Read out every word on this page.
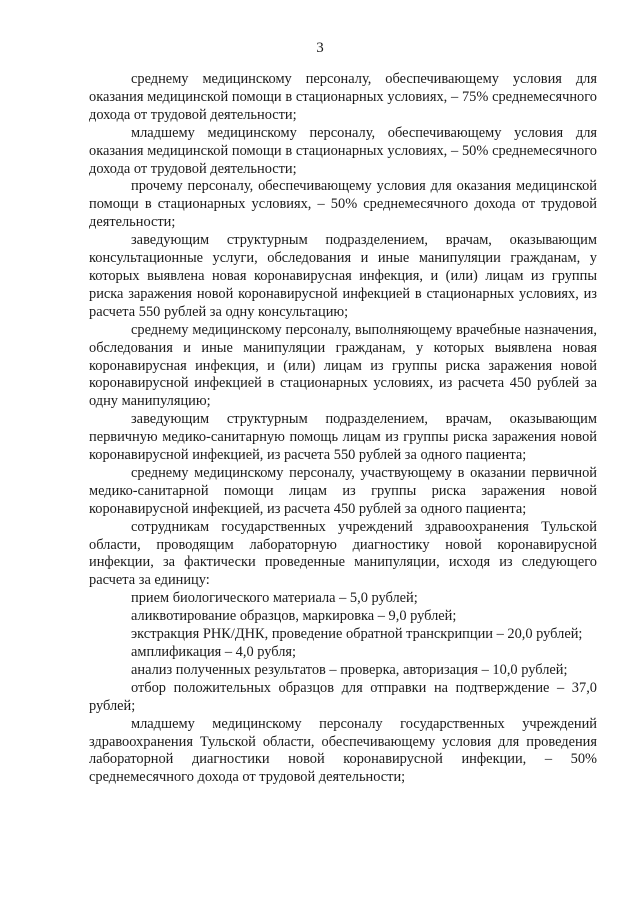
3

среднему медицинскому персоналу, обеспечивающему условия для оказания медицинской помощи в стационарных условиях, – 75% среднемесячного дохода от трудовой деятельности;

младшему медицинскому персоналу, обеспечивающему условия для оказания медицинской помощи в стационарных условиях, – 50% среднемесячного дохода от трудовой деятельности;

прочему персоналу, обеспечивающему условия для оказания медицинской помощи в стационарных условиях, – 50% среднемесячного дохода от трудовой деятельности;

заведующим структурным подразделением, врачам, оказывающим консультационные услуги, обследования и иные манипуляции гражданам, у которых выявлена новая коронавирусная инфекция, и (или) лицам из группы риска заражения новой коронавирусной инфекцией в стационарных условиях, из расчета 550 рублей за одну консультацию;

среднему медицинскому персоналу, выполняющему врачебные назначения, обследования и иные манипуляции гражданам, у которых выявлена новая коронавирусная инфекция, и (или) лицам из группы риска заражения новой коронавирусной инфекцией в стационарных условиях, из расчета 450 рублей за одну манипуляцию;

заведующим структурным подразделением, врачам, оказывающим первичную медико-санитарную помощь лицам из группы риска заражения новой коронавирусной инфекцией, из расчета 550 рублей за одного пациента;

среднему медицинскому персоналу, участвующему в оказании первичной медико-санитарной помощи лицам из группы риска заражения новой коронавирусной инфекцией, из расчета 450 рублей за одного пациента;

сотрудникам государственных учреждений здравоохранения Тульской области, проводящим лабораторную диагностику новой коронавирусной инфекции, за фактически проведенные манипуляции, исходя из следующего расчета за единицу:

прием биологического материала – 5,0 рублей;

аликвотирование образцов, маркировка – 9,0 рублей;

экстракция РНК/ДНК, проведение обратной транскрипции – 20,0 рублей;

амплификация – 4,0 рубля;

анализ полученных результатов – проверка, авторизация – 10,0 рублей;

отбор положительных образцов для отправки на подтверждение – 37,0 рублей;

младшему медицинскому персоналу государственных учреждений здравоохранения Тульской области, обеспечивающему условия для проведения лабораторной диагностики новой коронавирусной инфекции, – 50% среднемесячного дохода от трудовой деятельности;
